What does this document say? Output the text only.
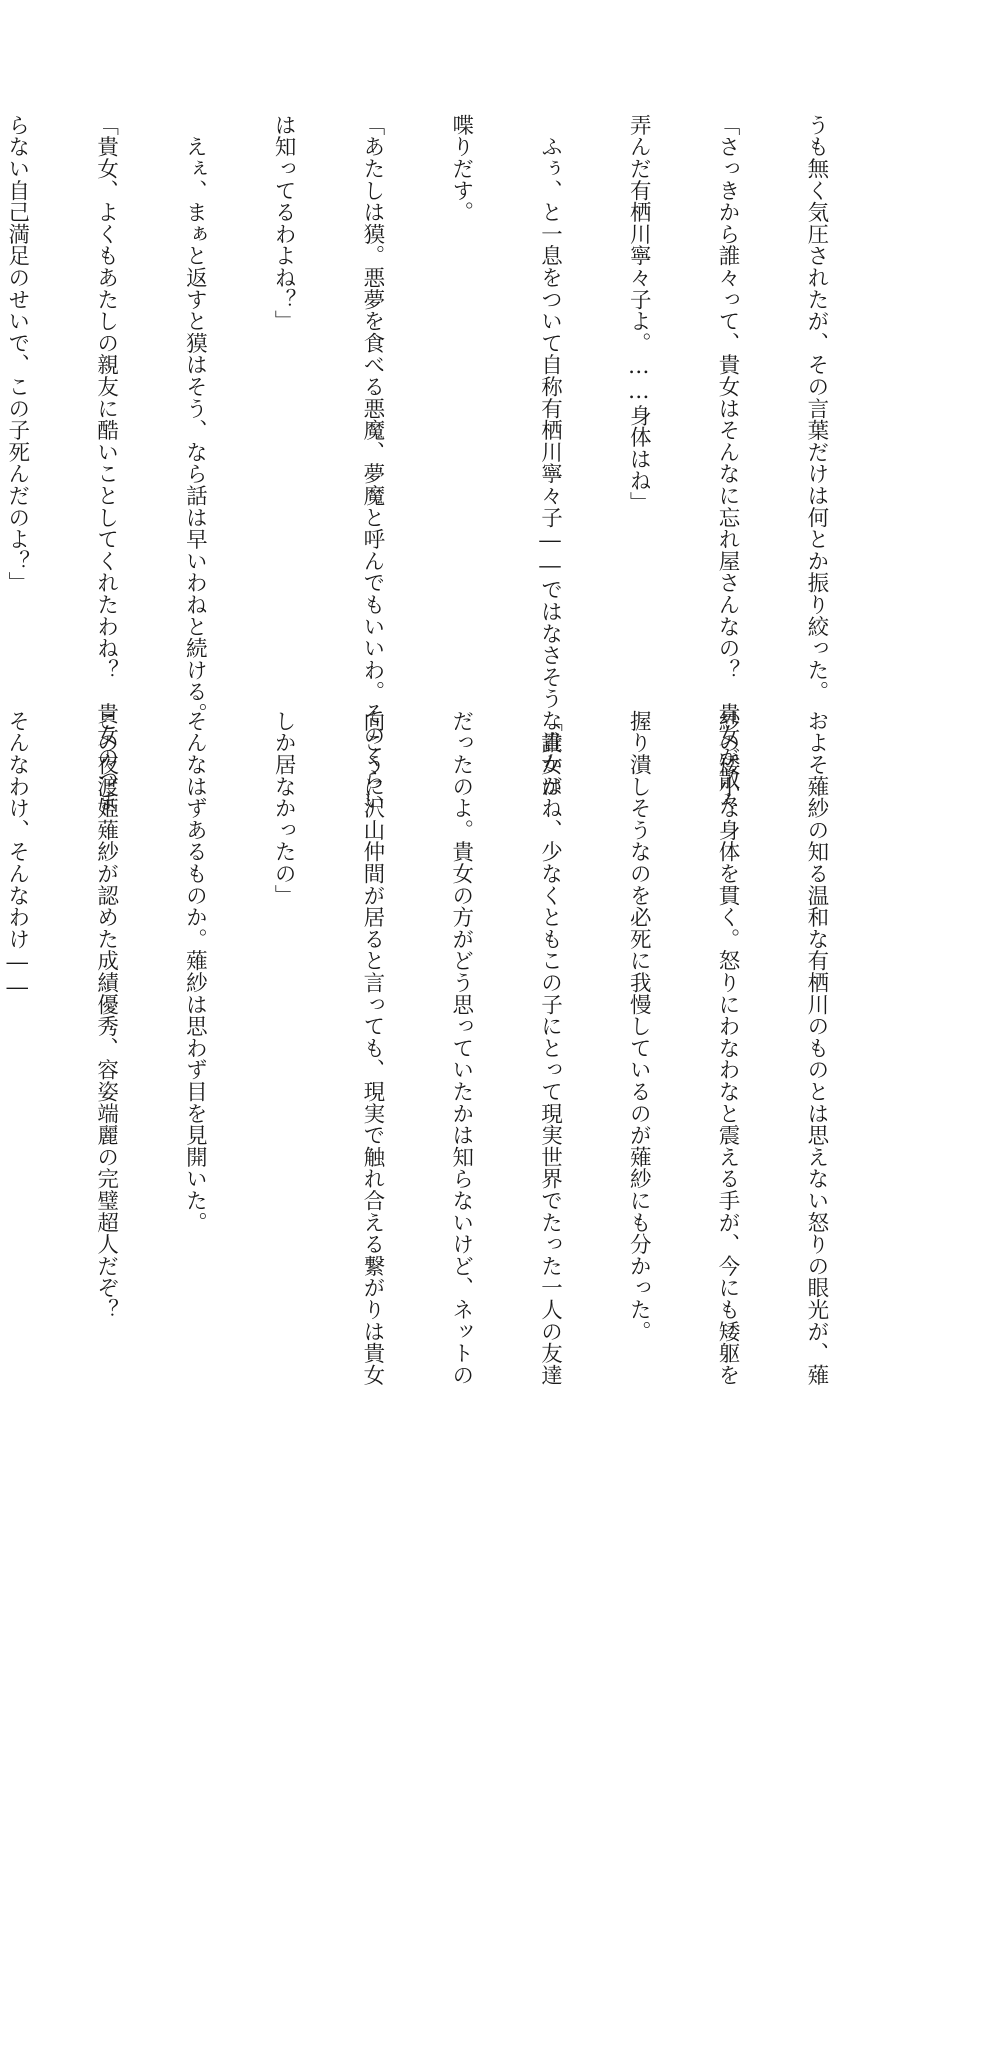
うも無く気圧されたが、その言葉だけは何とか振り絞った。

「さっきから誰々って、貴女はそんなに忘れ屋さんなの？　貴女が散々

弄んだ有栖川寧々子よ。……身体はね」

　ふぅ、と一息をついて自称有栖川寧々子――ではなさそうな誰かが

喋りだす。

「あたしは獏。悪夢を食べる悪魔、夢魔と呼んでもいいわ。そのくらい

は知ってるわよね？」

　えぇ、まぁと返すと獏はそう、なら話は早いわねと続ける。

「貴女、よくもあたしの親友に酷いことしてくれたわね？　貴女のつま

らない自己満足のせいで、この子死んだのよ？」

およそ薙紗の知る温和な有栖川のものとは思えない怒りの眼光が、薙

紗の矮小な身体を貫く。怒りにわなわなと震える手が、今にも矮躯を

握り潰しそうなのを必死に我慢しているのが薙紗にも分かった。

「貴女はね、少なくともこの子にとって現実世界でたった一人の友達

だったのよ。貴女の方がどう思っていたかは知らないけど、ネットの

向こうに沢山仲間が居ると言っても、現実で触れ合える繋がりは貴女

しか居なかったの」

そんなはずあるものか。薙紗は思わず目を見開いた。

この夜渡姫薙紗が認めた成績優秀、容姿端麗の完璧超人だぞ？

そんなわけ、そんなわけ――
